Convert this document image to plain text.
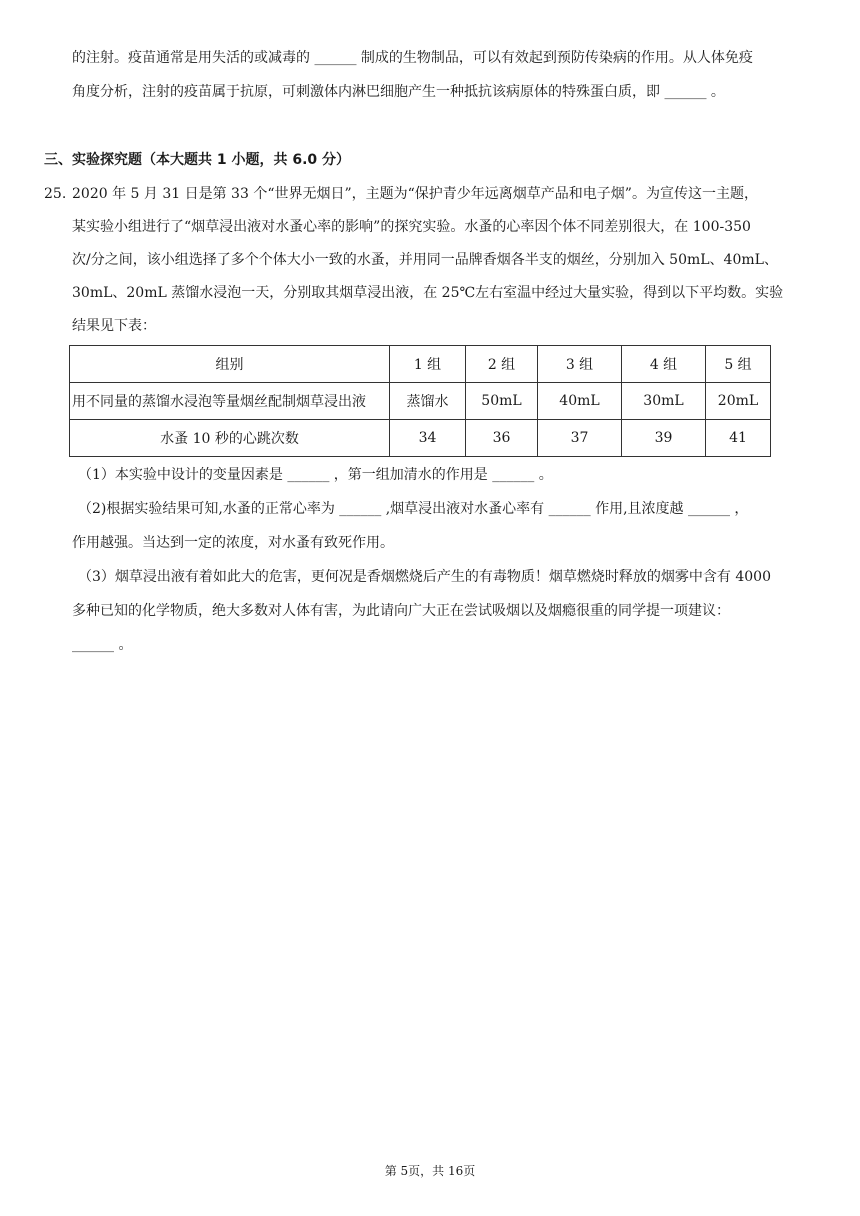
的注射。疫苗通常是用失活的或减毒的 ______ 制成的生物制品，可以有效起到预防传染病的作用。从人体免疫
角度分析，注射的疫苗属于抗原，可刺激体内淋巴细胞产生一种抵抗该病原体的特殊蛋白质，即 ______ 。
三、实验探究题（本大题共 1 小题，共 6.0 分）
25. 2020 年 5 月 31 日是第 33 个“世界无烟日”，主题为“保护青少年远离烟草产品和电子烟”。为宣传这一主题，
某实验小组进行了“烟草浸出液对水蚤心率的影响”的探究实验。水蚤的心率因个体不同差别很大，在 100-350
次/分之间，该小组选择了多个个体大小一致的水蚤，并用同一品牌香烟各半支的烟丝，分别加入 50mL、40mL、
30mL、20mL 蒸馏水浸泡一天，分别取其烟草浸出液，在 25℃左右室温中经过大量实验，得到以下平均数。实验
结果见下表：
组别	1 组	2 组	3 组	4 组	5 组
用不同量的蒸馏水浸泡等量烟丝配制烟草浸出液	蒸馏水	50mL	40mL	30mL	20mL
水蚤 10 秒的心跳次数	34	36	37	39	41
（1）本实验中设计的变量因素是 ______ ，第一组加清水的作用是 ______ 。
（2)根据实验结果可知,水蚤的正常心率为 ______ ,烟草浸出液对水蚤心率有 ______ 作用,且浓度越 ______ ，
作用越强。当达到一定的浓度，对水蚤有致死作用。
（3）烟草浸出液有着如此大的危害，更何况是香烟燃烧后产生的有毒物质！烟草燃烧时释放的烟雾中含有 4000
多种已知的化学物质，绝大多数对人体有害，为此请向广大正在尝试吸烟以及烟瘾很重的同学提一项建议：
______ 。
第 5页，共 16页
